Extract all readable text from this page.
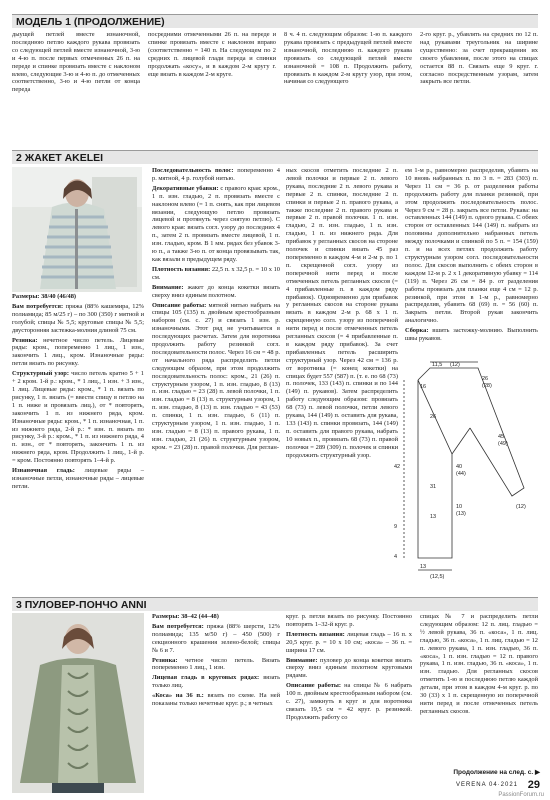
МОДЕЛЬ 1 (ПРОДОЛЖЕНИЕ)

дыущей петлей вместе изнаночной, последнюю петлю каждого рукава провязать со следующей петлей вместе изнаночной, 3-ю и 4-ю п. после первых отмеченных 26 п. на переде и спинке провязать вместе с наклоном влево, следующие 3-ю и 4-ю п. до отмеченных соответственно, 3-ю и 4-ю петли от конца переда

посредними отмеченными 26 п. на переде и спинке провязать вместе с наклоном вправо (соответственно = 140 п. На следующем по 2 средних п. лицевой глади переда и спинки продолжать «косу», и в каждом 2-м кругу г. еще вязать в каждом 2-м круге.

8 ч. 4 п. следующим образом: 1-ю п. каждого рукава провязать с предыдущей петлей вместе изнаночной, последнюю п. каждого рукава провязать со следующей петлей вместе изнаночной = 108 п. Продолжить работу, провязать в каждом 2-м кругу узор, при этом, начиная со следующего

2-го круг. р., убавлять на средних по 12 п. над рукавами треугольник на ширине существенно: за счет прекращения их своего убавления, после этого на спицах остается 88 п. Связать еще 9 круг. г. согласно посредственным узорам, затем закрыть все петли.

2 ЖАКЕТ AKELEI

Размеры: 38/40 (46/48)

Вам потребуется: пряжа (88% кашемира, 12% полиамида; 85 м/25 г) – по 300 (350) г мятной и голубой; спицы № 5,5; круговые спицы № 5,5; двусторонняя застежка-молния длиной 75 см.

Резинка: нечетное число петель. Лицевые ряды: кром., попеременно 1 лиц., 1 изн., закончить 1 лиц., кром. Изнаночные ряды: петли вязать по рисунку.

Структурный узор: число петель кратно 5 + 1 + 2 кром. 1-й р.: кром., * 1 лиц., 1 изн. + 3 изн., 1 лиц. Лицевые ряды: кром., * 1 п. вязать по рисунку, 1 п. вязать (= ввести спицу в петлю на 1 п. ниже и провязать лиц.), от * повторять, закончить 1 п. из нижнего ряда, кром. Изнаночные ряды: кром., * 1 п. изнаночная, 1 п. из нижнего ряда, 2-й р.: * изн. п. вязать по рисунку, 3-й р.: кром., * 1 п. из нижнего ряда, 4 п. изн., от * повторять, закончить 1 п. из нижнего ряда, кром. Продолжить 1 лиц., 1-й р. = кром. Постоянно повторять 1–4-й р.

Изнаночная гладь: лицевые ряды – изнаночные петли, изнаночные ряды – лицевые петли.

Последовательность полос: попеременно 4 р. мятной, 4 р. голубой нитью.

Декоративные убавки: с правого края: кром., 1 п. изн. гладью, 2 п. провязать вместе с наклоном влево (= 1 п. снять, как при лицевом вязании, следующую петлю провязать лицевой и протянуть через снятую петлю). С левого края: вязать согл. узору до последних 4 п., затем 2 п. провязать вместе лицевой, 1 п. изн. гладью, кром. В 1 мм. рядах без убавок 3-ю п., а также 3-ю п. от конца провязывать так, как вязали в предыдущем ряду.

Плотность вязания: 22,5 п. х 32,5 р. = 10 х 10 см.

Внимание: жакет до конца кокетки вязать сверху вниз единым полотном.

Описание работы: мятной нитью набрать на спицы 105 (135) п. двойным крестообразным набором (см. с. 27) и связать 1 изн. р. изнаночными. Этот ряд не учитывается в последующих расчетах. Затем для воротника продолжить работу резинкой согл. последовательности полос. Через 16 см = 48 р. от начального ряда распределить петли следующим образом, при этом продолжить последовательность полос: кром., 21 (26) п. структурным узором, 1 п. изн. гладью, 8 (13) п. изн. гладью = 23 (28) п. левой полочки, 1 п. изн. гладью = 8 (13) п. структурным узором, 1 п. изн. гладью, 8 (13) п. изн. гладью = 43 (53) п. спинки, 1 п. изн. гладью, 6 (11) п. структурным узором, 1 п. изн. гладью, 1 п. изн. гладью = 8 (13) п. правого рукава, 1 п. изн. гладью, 21 (26) п. структурным узором, кром. = 23 (28) п. правой полочки. Для реглан-

ных скосов отметить последние 2 п. левой полочки и первые 2 п. левого рукава, последние 2 п. левого рукава и первые 2 п. спинки, последние 2 п. спинки и первые 2 п. правого рукава, а также последние 2 п. правого рукава и первые 2 п. правой полочки. 1 п. изн. гладью, 2 п. изн. гладью, 1 п. изн. гладью, 1 п. из нижнего ряда. Для прибавок у регланных скосов на стороне полочек и спинки вязать 45 раз попеременно в каждом 4-м и 2-м р. по 1 п. скрещенной согл. узору из поперечной нити перед и после отмеченных петель регланных скосов (= 4 прибавленные п. в каждом ряду прибавок). Одновременно для прибавок у регланных скосов на стороне рукава вязать в каждом 2-м р. 68 х 1 п. скрещенную согл. узору из поперечной нити перед и после отмеченных петель регланных скосов (= 4 прибавленные п. в каждом ряду прибавок). За счет прибавленных петель расширить структурный узор. Через 42 см = 136 р. от воротника (= конец кокетки) на спицах будет 557 (587) п. (т. е. по 68 (73) п. полочек, 133 (143) п. спинки и по 144 (149) п. рукавов). Затем распределить работу следующим образом: провязать 68 (73) п. левой полочки, петли левого рукава, 144 (149) п. оставить для рукава, 133 (143) п. спинки провязать, 144 (149) п. оставить для правого рукава, набрать 10 новых п., провязать 68 (73) п. правой полочки = 289 (309) п. полочек и спинки продолжить структурный узор.

ем 1-м р., равномерно распределив, убавить на 10 вновь набранных п. по 3 п. = 283 (303) п. Через 11 см = 36 р. от разделения работы продолжить работу для планки резинкой, при этом продолжить последовательность полос. Через 9 см = 28 р. закрыть все петли. Рукава: на оставленных 144 (149) п. одного рукава. С обеих сторон от оставленных 144 (149) п. набрать из половины дополнительно набранных петель между полочками и спинкой по 5 п. = 154 (159) п. и на всех петлях продолжить работу структурным узором согл. последовательности полос. Для скосов выполнить с обеих сторон в каждом 12-м р. 2 х 1 декоративную убавку = 114 (119) п. Через 26 см = 84 р. от разделения работы провязать для планки еще 4 см = 12 р. резинкой, при этом в 1-м р., равномерно распределив, убавить 68 (69) п. = 56 (60) п. Закрыть петли. Второй рукав закончить аналогично.

Сборка: вшить застежку-молнию. Выполнить швы рукавов.

11,5 (12)
26
(28)
42
16
13
(12,5)
10
(13)
(12)
4
9
40
(44)
45
(49)
31
13
26
3 ПУЛОВЕР-ПОНЧО ANNI

Размеры: 38–42 (44–48)

Вам потребуется: пряжа (88% шерсти, 12% полиамида; 135 м/50 г) – 450 (500) г секционного крашения зелено-белой; спицы № 6 и 7.

Резинка: четное число петель. Вязать попеременно 1 лиц., 1 изн.

Лицевая гладь в круговых рядах: вязать только лиц.

«Коса» на 36 п.: вязать по схеме. На ней показаны только нечетные круг. р.; в четных

круг. р. петли вязать по рисунку. Постоянно повторять 1–32-й круг. р.

Плотность вязания: лицевая гладь – 16 п. х 20,5 круг. р. = 10 х 10 см; «коса» – 36 п. = ширина 17 см.

Внимание: пуловер до конца кокетки вязать сверху вниз единым полотном круговыми рядами.

Описание работы: на спицы № 6 набрать 100 п. двойным крестообразным набором (см. с. 27), замкнуть в круг и для воротника связать 19,5 см = 42 круг. р. резинкой. Продолжить работу со

спицах № 7 и распределить петли следующим образом: 12 п. лиц. гладью = ½ левой рукава, 36 п. «коса», 1 п. лиц. гладью, 36 п. «коса», 1 п. лиц. гладью = 12 п. левого рукава, 1 п. изн. гладью, 36 п. «коса», 1 п. изн. гладью = 12 п. правого рукава, 1 п. изн. гладью, 36 п. «коса», 1 п. изн. гладью. Для регланных скосов отметить 1-ю и последнюю петлю каждой детали, при этом в каждом 4-м круг. р. по 30 (33) х 1 п. скрещенную из поперечной нити перед и после отмеченных петель регланных скосов.

Продолжение на след. с. ▶
VERENA 04·2021 29
PassionForum.ru
